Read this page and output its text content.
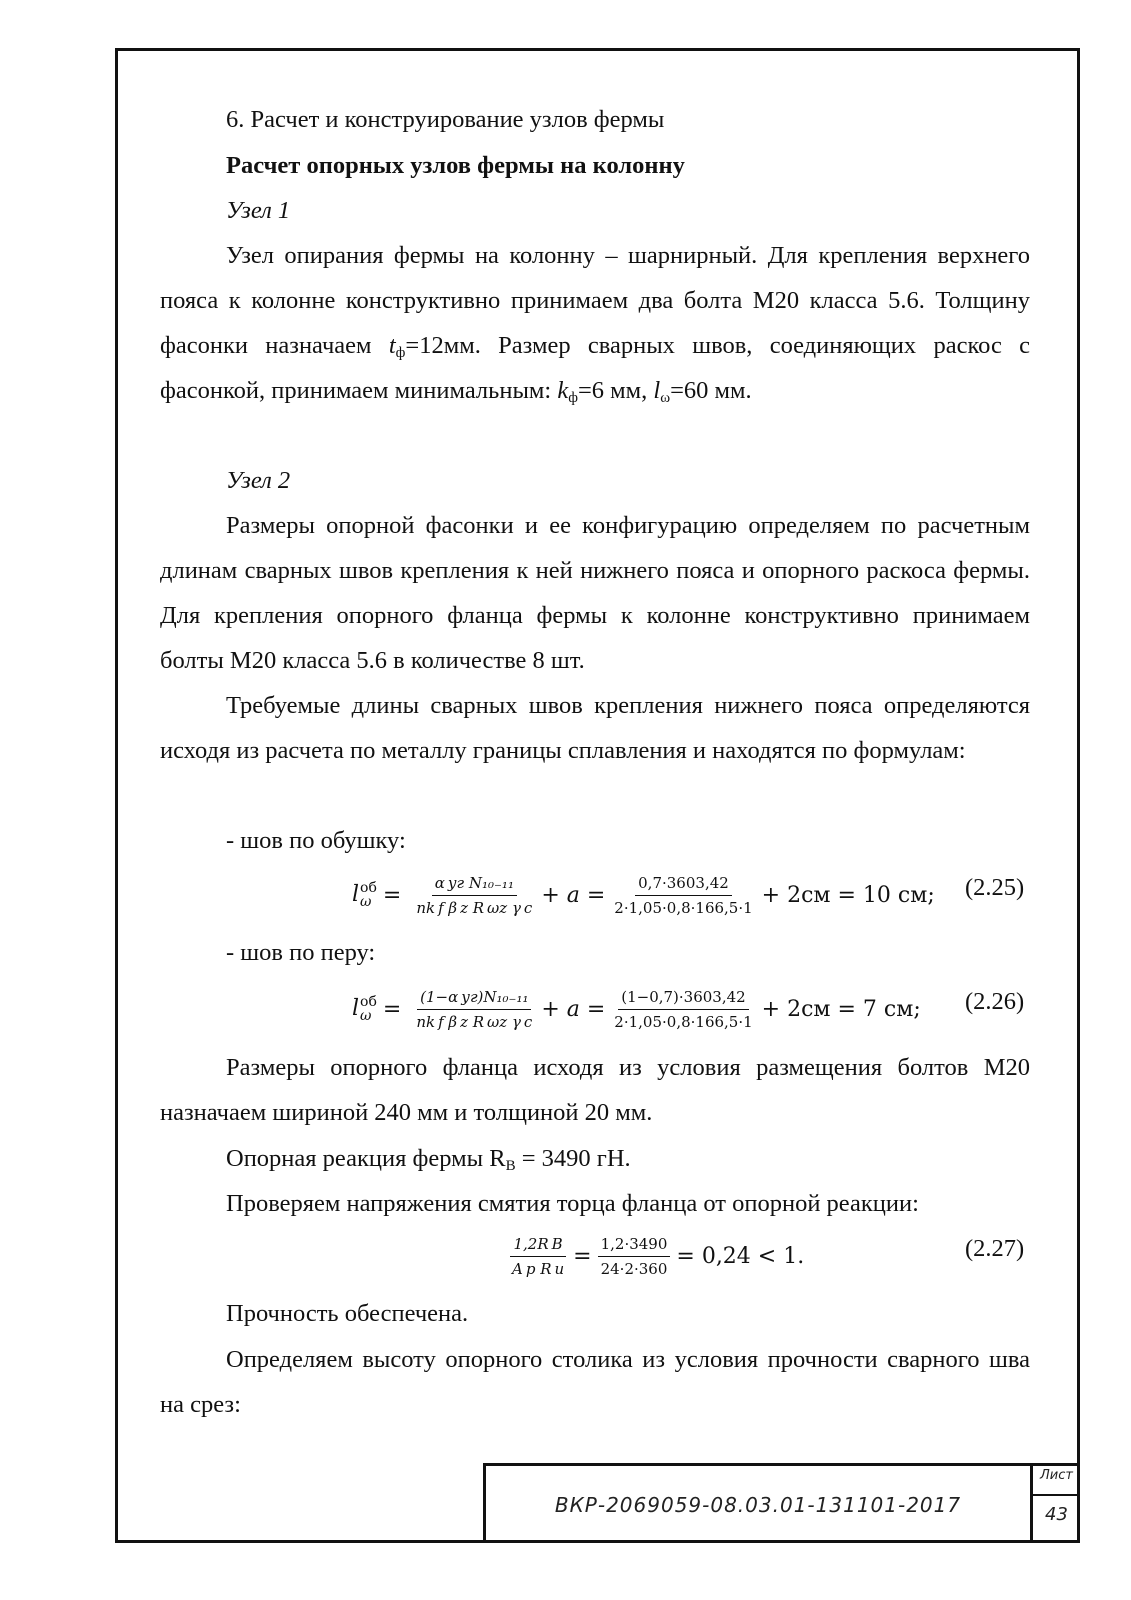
6. Расчет и конструирование узлов фермы

Расчет опорных узлов фермы на колонну

Узел 1

Узел опирания фермы на колонну – шарнирный. Для крепления верхнего пояса к колонне конструктивно принимаем два болта М20 класса 5.6. Толщину фасонки назначаем $t_ф=12мм$. Размер сварных швов, соединяющих раскос с фасонкой, принимаем минимальным: $k_ф=6$ мм, $l_\omega=60$ мм.

Узел 2

Размеры опорной фасонки и ее конфигурацию определяем по расчетным длинам сварных швов крепления к ней нижнего пояса и опорного раскоса фермы. Для крепления опорного фланца фермы к колонне конструктивно принимаем болты М20 класса 5.6 в количестве 8 шт.

Требуемые длины сварных швов крепления нижнего пояса определяются исходя из расчета по металлу границы сплавления и находятся по формулам:

- шов по обушку:

l об
$\omega = \frac{\text{α уг N₁₀₋₁₁}}{\text{nk f β z R ωz γ c}} + a = \frac{0,7\cdot 3603,42}{2\cdot 1,05\cdot 0,8\cdot 166,5\cdot 1} + 2см = 10$ см; (2.25)

- шов по перу:

l об
$\omega = \frac{\text{(1−α уг)N₁₀₋₁₁}}{\text{nk f β z R ωz γ c}} + a = \frac{(1-0,7)\cdot 3603,42}{2\cdot 1,05\cdot 0,8\cdot 166,5\cdot 1} + 2см = 7$ см; (2.26)

Размеры опорного фланца исходя из условия размещения болтов М20 назначаем шириной 240 мм и толщиной 20 мм.

Опорная реакция фермы $R_B = 3490$ гН.

Проверяем напряжения смятия торца фланца от опорной реакции:

$\frac{\text{1,2R B}}{\text{A p R u}} = \frac{1,2\cdot 3490}{24\cdot 2\cdot 360} = 0,24 < 1$.	(2.27)

Прочность обеспечена.

Определяем высоту опорного столика из условия прочности сварного шва на срез:

ВКР-2069059-08.03.01-131101-2017
Лист
43
